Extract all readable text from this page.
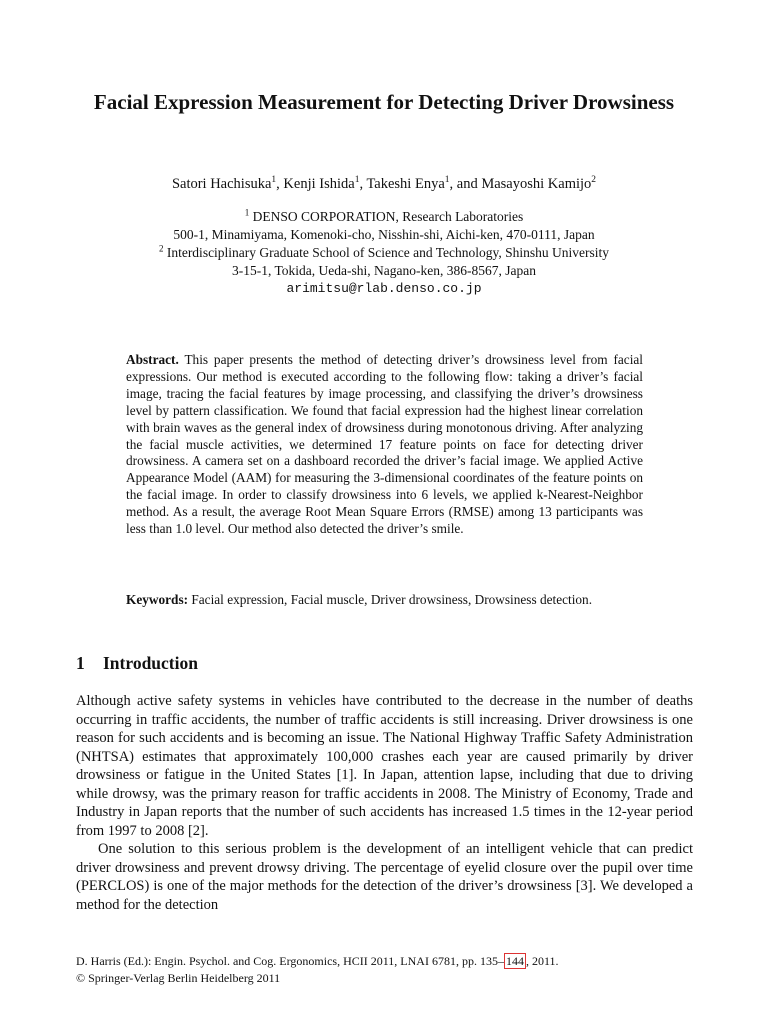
Facial Expression Measurement for Detecting Driver Drowsiness

Satori Hachisuka$^1$, Kenji Ishida$^1$, Takeshi Enya$^1$, and Masayoshi Kamijo$^2$

$^1$ DENSO CORPORATION, Research Laboratories
500-1, Minamiyama, Komenoki-cho, Nisshin-shi, Aichi-ken, 470-0111, Japan
$^2$ Interdisciplinary Graduate School of Science and Technology, Shinshu University
3-15-1, Tokida, Ueda-shi, Nagano-ken, 386-8567, Japan
arimitsu@rlab.denso.co.jp

Abstract. This paper presents the method of detecting driver’s drowsiness level from facial expressions. Our method is executed according to the following flow: taking a driver’s facial image, tracing the facial features by image processing, and classifying the driver’s drowsiness level by pattern classification. We found that facial expression had the highest linear correlation with brain waves as the general index of drowsiness during monotonous driving. After analyzing the facial muscle activities, we determined 17 feature points on face for detecting driver drowsiness. A camera set on a dashboard recorded the driver’s facial image. We applied Active Appearance Model (AAM) for measuring the 3-dimensional coordinates of the feature points on the facial image. In order to classify drowsiness into 6 levels, we applied k-Nearest-Neighbor method. As a result, the average Root Mean Square Errors (RMSE) among 13 participants was less than 1.0 level. Our method also detected the driver’s smile.

Keywords: Facial expression, Facial muscle, Driver drowsiness, Drowsiness detection.

1 Introduction

Although active safety systems in vehicles have contributed to the decrease in the number of deaths occurring in traffic accidents, the number of traffic accidents is still increasing. Driver drowsiness is one reason for such accidents and is becoming an issue. The National Highway Traffic Safety Administration (NHTSA) estimates that approximately 100,000 crashes each year are caused primarily by driver drowsiness or fatigue in the United States [1]. In Japan, attention lapse, including that due to driving while drowsy, was the primary reason for traffic accidents in 2008. The Ministry of Economy, Trade and Industry in Japan reports that the number of such accidents has increased 1.5 times in the 12-year period from 1997 to 2008 [2].

One solution to this serious problem is the development of an intelligent vehicle that can predict driver drowsiness and prevent drowsy driving. The percentage of eyelid closure over the pupil over time (PERCLOS) is one of the major methods for the detection of the driver’s drowsiness [3]. We developed a method for the detection

D. Harris (Ed.): Engin. Psychol. and Cog. Ergonomics, HCII 2011, LNAI 6781, pp. 135– 144 , 2011.
© Springer-Verlag Berlin Heidelberg 2011
